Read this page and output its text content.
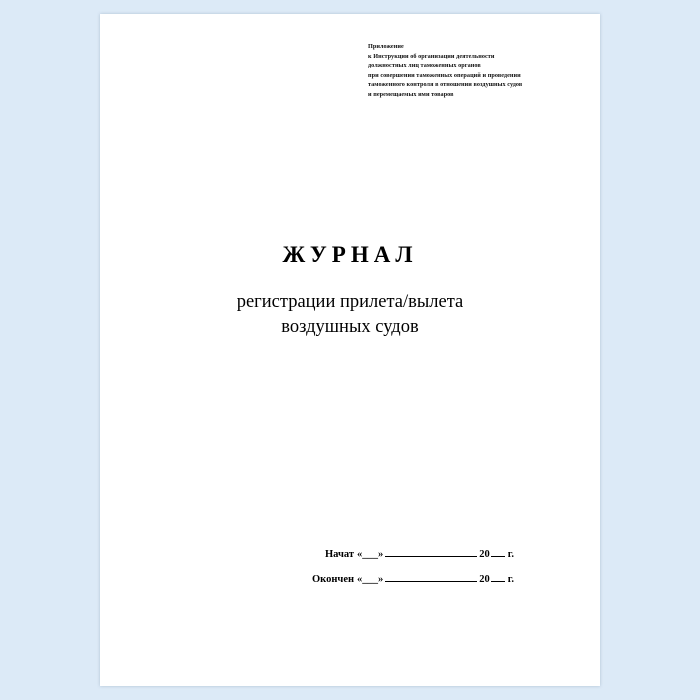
Приложение
к Инструкции об организации деятельности
должностных лиц таможенных органов
при совершении таможенных операций и проведении
таможенного контроля в отношении воздушных судов
и перемещаемых ими товаров
ЖУРНАЛ
регистрации прилета/вылета
воздушных судов
Начат «___»	20 г.
Окончен «___»	20 г.
